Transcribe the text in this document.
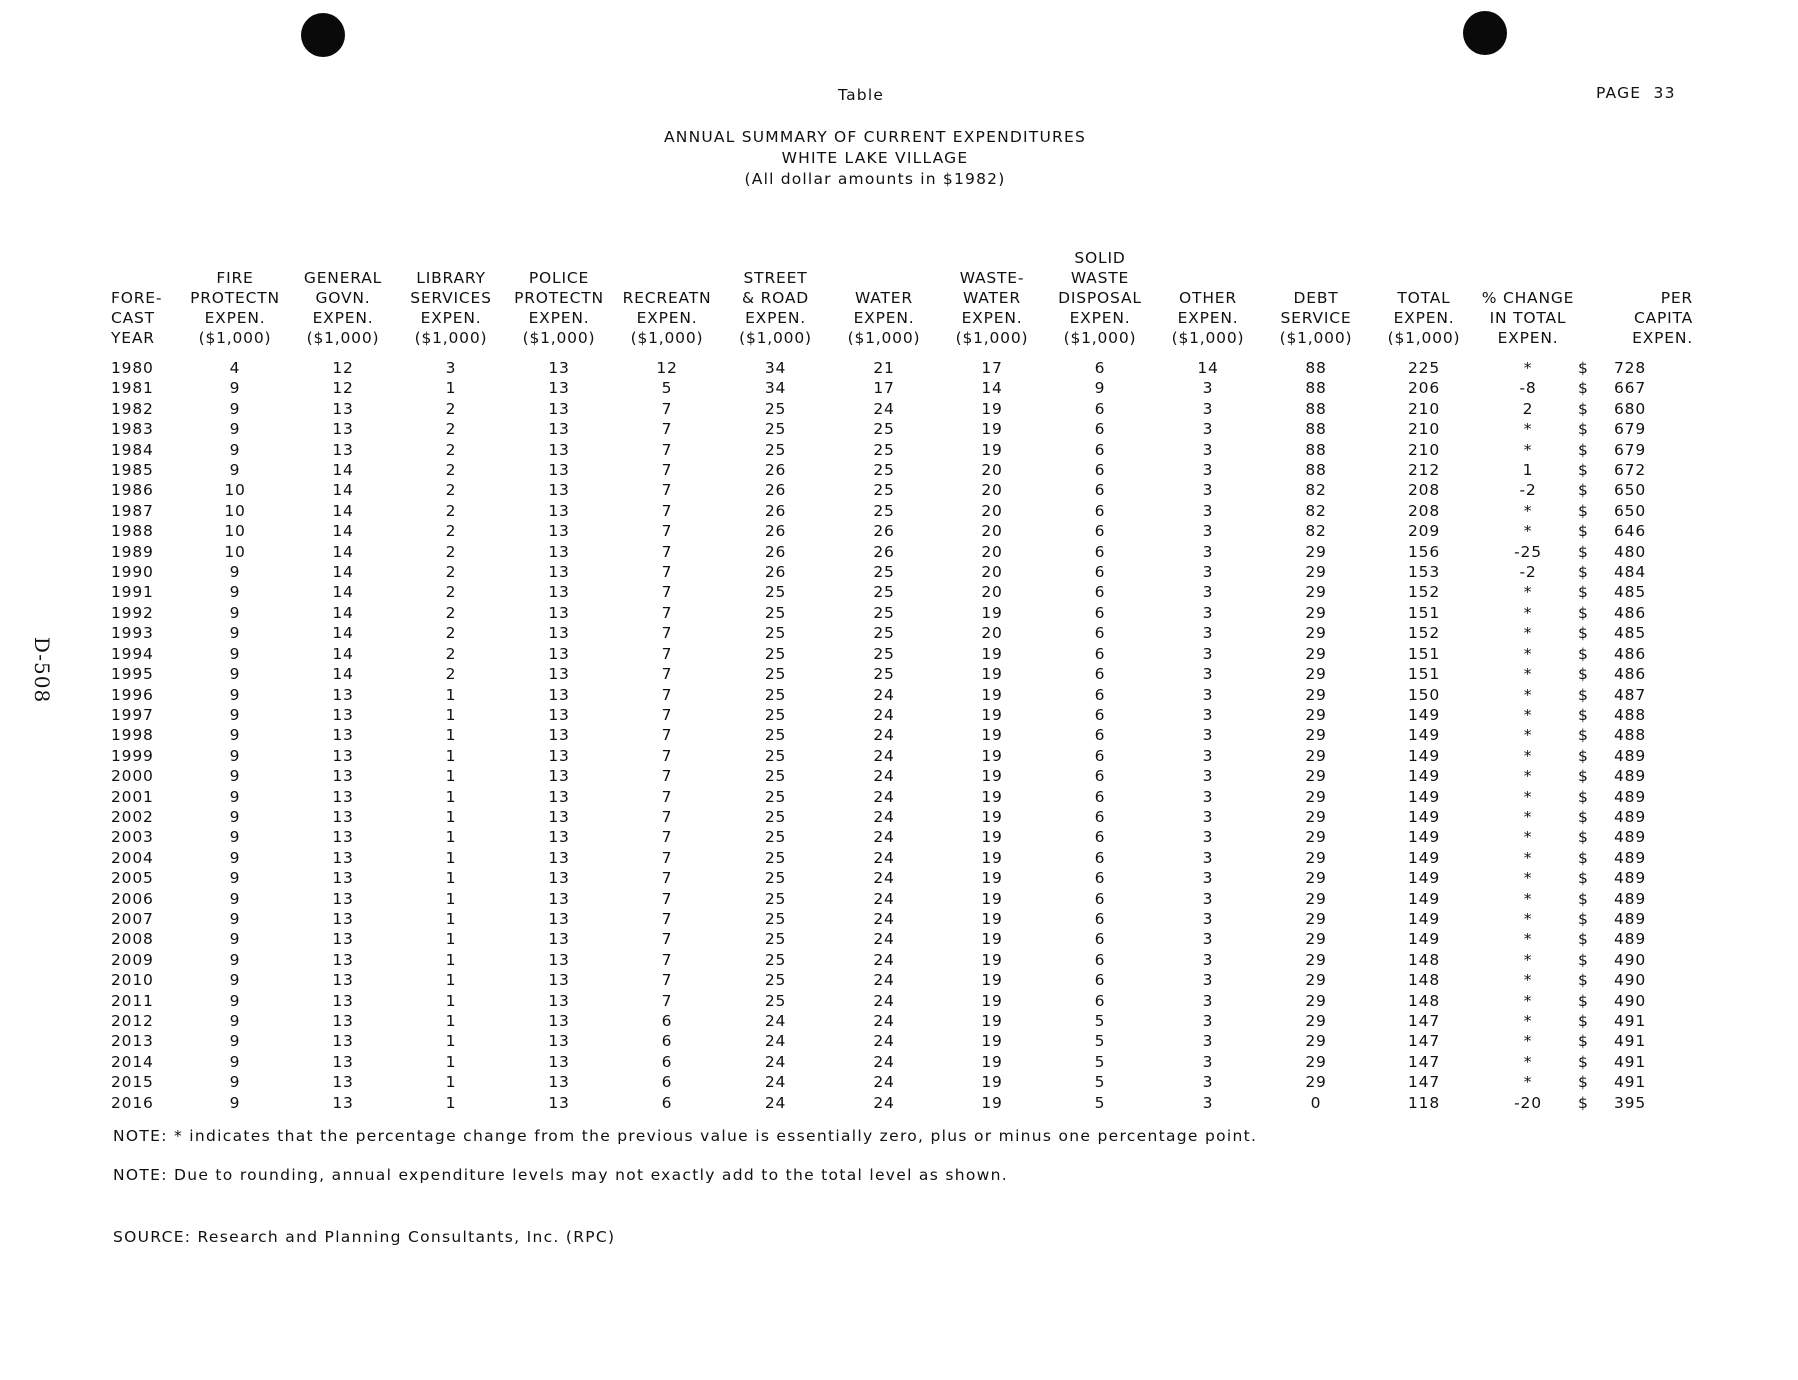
D-508
Table	PAGE  33
ANNUAL SUMMARY OF CURRENT EXPENDITURES
WHITE LAKE VILLAGE
(All dollar amounts in $1982)
FORE-
CAST
YEAR	FIRE
PROTECTN
EXPEN.
($1,000)	GENERAL
GOVN.
EXPEN.
($1,000)	LIBRARY
SERVICES
EXPEN.
($1,000)	POLICE
PROTECTN
EXPEN.
($1,000)	RECREATN
EXPEN.
($1,000)	STREET
& ROAD
EXPEN.
($1,000)	WATER
EXPEN.
($1,000)	WASTE-
WATER
EXPEN.
($1,000)	SOLID WASTE
DISPOSAL
EXPEN.
($1,000)	OTHER
EXPEN.
($1,000)	DEBT
SERVICE
($1,000)	TOTAL
EXPEN.
($1,000)	% CHANGE
IN TOTAL
EXPEN.	PER
CAPITA
EXPEN.

1980	4	12	3	13	12	34	21	17	6	14	88	225	*	$ 728
1981	9	12	1	13	5	34	17	14	9	3	88	206	-8	$ 667
1982	9	13	2	13	7	25	24	19	6	3	88	210	2	$ 680
1983	9	13	2	13	7	25	25	19	6	3	88	210	*	$ 679
1984	9	13	2	13	7	25	25	19	6	3	88	210	*	$ 679
1985	9	14	2	13	7	26	25	20	6	3	88	212	1	$ 672
1986	10	14	2	13	7	26	25	20	6	3	82	208	-2	$ 650
1987	10	14	2	13	7	26	25	20	6	3	82	208	*	$ 650
1988	10	14	2	13	7	26	26	20	6	3	82	209	*	$ 646
1989	10	14	2	13	7	26	26	20	6	3	29	156	-25	$ 480
1990	9	14	2	13	7	26	25	20	6	3	29	153	-2	$ 484
1991	9	14	2	13	7	25	25	20	6	3	29	152	*	$ 485
1992	9	14	2	13	7	25	25	19	6	3	29	151	*	$ 486
1993	9	14	2	13	7	25	25	20	6	3	29	152	*	$ 485
1994	9	14	2	13	7	25	25	19	6	3	29	151	*	$ 486
1995	9	14	2	13	7	25	25	19	6	3	29	151	*	$ 486
1996	9	13	1	13	7	25	24	19	6	3	29	150	*	$ 487
1997	9	13	1	13	7	25	24	19	6	3	29	149	*	$ 488
1998	9	13	1	13	7	25	24	19	6	3	29	149	*	$ 488
1999	9	13	1	13	7	25	24	19	6	3	29	149	*	$ 489
2000	9	13	1	13	7	25	24	19	6	3	29	149	*	$ 489
2001	9	13	1	13	7	25	24	19	6	3	29	149	*	$ 489
2002	9	13	1	13	7	25	24	19	6	3	29	149	*	$ 489
2003	9	13	1	13	7	25	24	19	6	3	29	149	*	$ 489
2004	9	13	1	13	7	25	24	19	6	3	29	149	*	$ 489
2005	9	13	1	13	7	25	24	19	6	3	29	149	*	$ 489
2006	9	13	1	13	7	25	24	19	6	3	29	149	*	$ 489
2007	9	13	1	13	7	25	24	19	6	3	29	149	*	$ 489
2008	9	13	1	13	7	25	24	19	6	3	29	149	*	$ 489
2009	9	13	1	13	7	25	24	19	6	3	29	148	*	$ 490
2010	9	13	1	13	7	25	24	19	6	3	29	148	*	$ 490
2011	9	13	1	13	7	25	24	19	6	3	29	148	*	$ 490
2012	9	13	1	13	6	24	24	19	5	3	29	147	*	$ 491
2013	9	13	1	13	6	24	24	19	5	3	29	147	*	$ 491
2014	9	13	1	13	6	24	24	19	5	3	29	147	*	$ 491
2015	9	13	1	13	6	24	24	19	5	3	29	147	*	$ 491
2016	9	13	1	13	6	24	24	19	5	3	0	118	-20	$ 395
NOTE: * indicates that the percentage change from the previous value is essentially zero, plus or minus one percentage point.
NOTE: Due to rounding, annual expenditure levels may not exactly add to the total level as shown.
SOURCE: Research and Planning Consultants, Inc. (RPC)
